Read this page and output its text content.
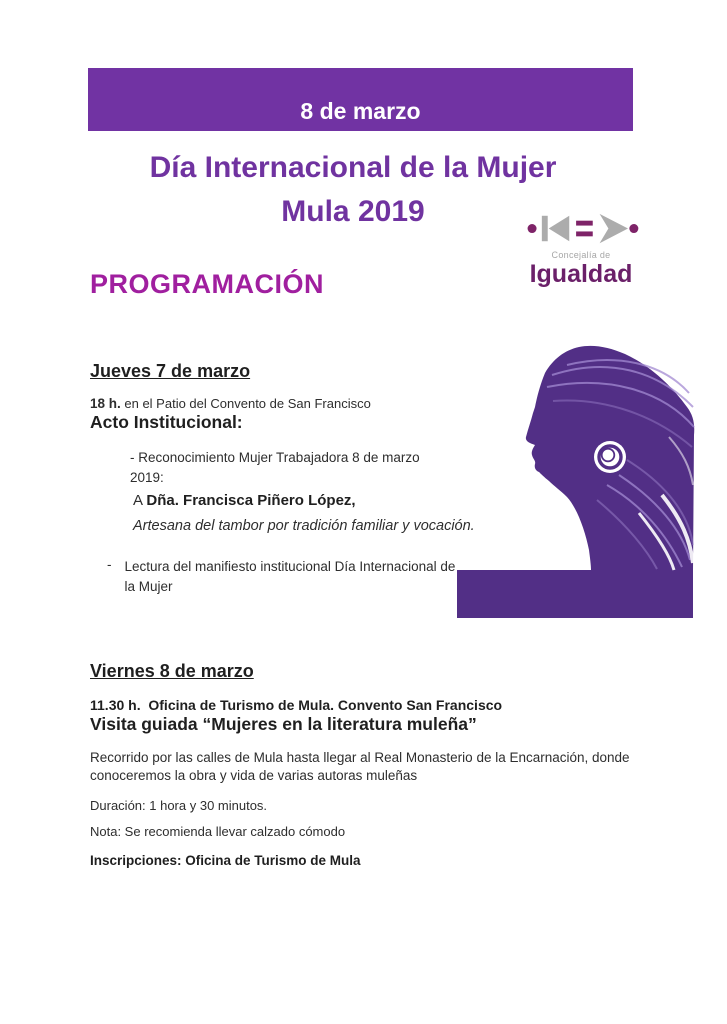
8 de marzo
Día Internacional de la Mujer
Mula 2019
Concejalía de
Igualdad
PROGRAMACIÓN
Jueves 7 de marzo
18 h. en el Patio del Convento de San Francisco
Acto Institucional:
- Reconocimiento Mujer Trabajadora 8 de marzo 2019:
A Dña. Francisca Piñero López,
Artesana del tambor por tradición familiar y vocación.
- Lectura del manifiesto institucional Día Internacional de la Mujer
Viernes 8 de marzo
11.30 h.  Oficina de Turismo de Mula. Convento San Francisco
Visita guiada “Mujeres en la literatura muleña”
Recorrido por las calles de Mula hasta llegar al Real Monasterio de la Encarnación, donde conoceremos la obra y vida de varias autoras muleñas
Duración: 1 hora y 30 minutos.
Nota: Se recomienda llevar calzado cómodo
Inscripciones: Oficina de Turismo de Mula
